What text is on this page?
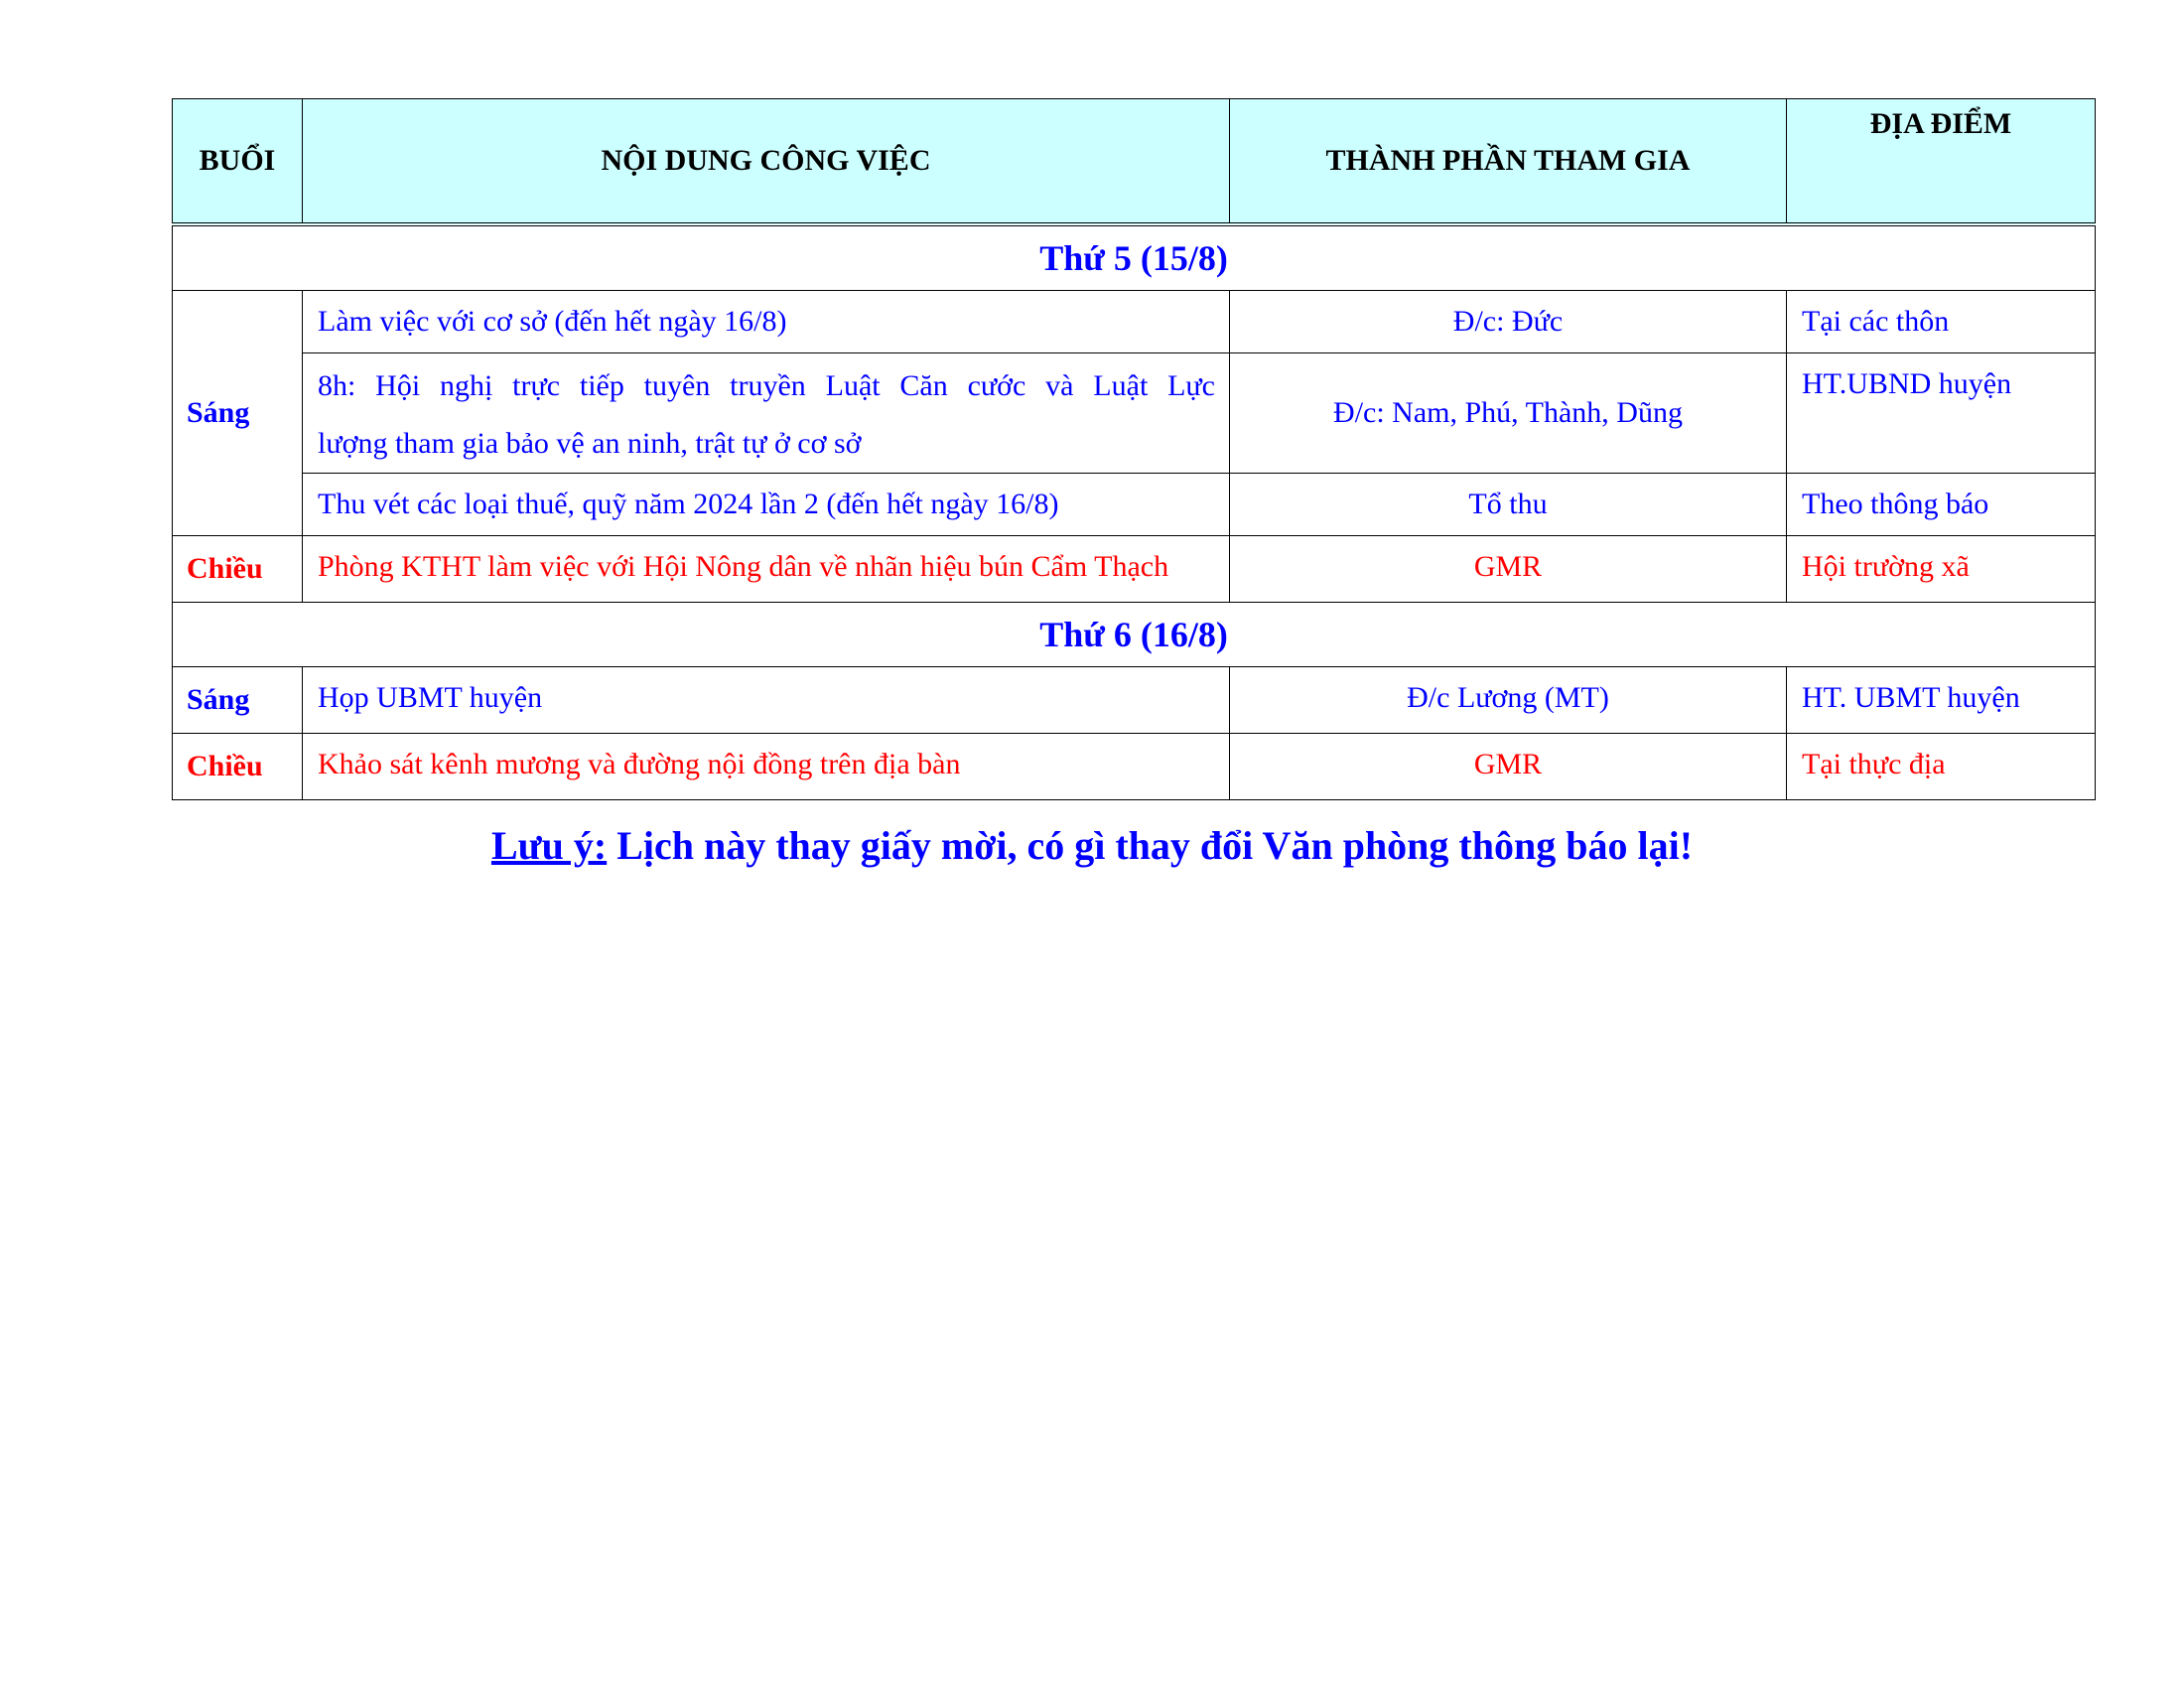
BUỔI	NỘI DUNG CÔNG VIỆC	THÀNH PHẦN THAM GIA	ĐỊA ĐIỂM
Thứ 5 (15/8)			
Sáng	Làm việc với cơ sở (đến hết ngày 16/8)	Đ/c: Đức	Tại các thôn
	8h: Hội nghị trực tiếp tuyên truyền Luật Căn cước và Luật Lực
lượng tham gia bảo vệ an ninh, trật tự ở cơ sở	Đ/c: Nam, Phú, Thành, Dũng	HT.UBND huyện
	Thu vét các loại thuế, quỹ năm 2024 lần 2 (đến hết ngày 16/8)	Tổ thu	Theo thông báo
Chiều	Phòng KTHT làm việc với Hội Nông dân về nhãn hiệu bún Cẩm Thạch	GMR	Hội trường xã
Thứ 6 (16/8)			
Sáng	Họp UBMT huyện	Đ/c Lương (MT)	HT. UBMT huyện
Chiều	Khảo sát kênh mương và đường nội đồng trên địa bàn	GMR	Tại thực địa

Lưu ý: Lịch này thay giấy mời, có gì thay đổi Văn phòng thông báo lại!
